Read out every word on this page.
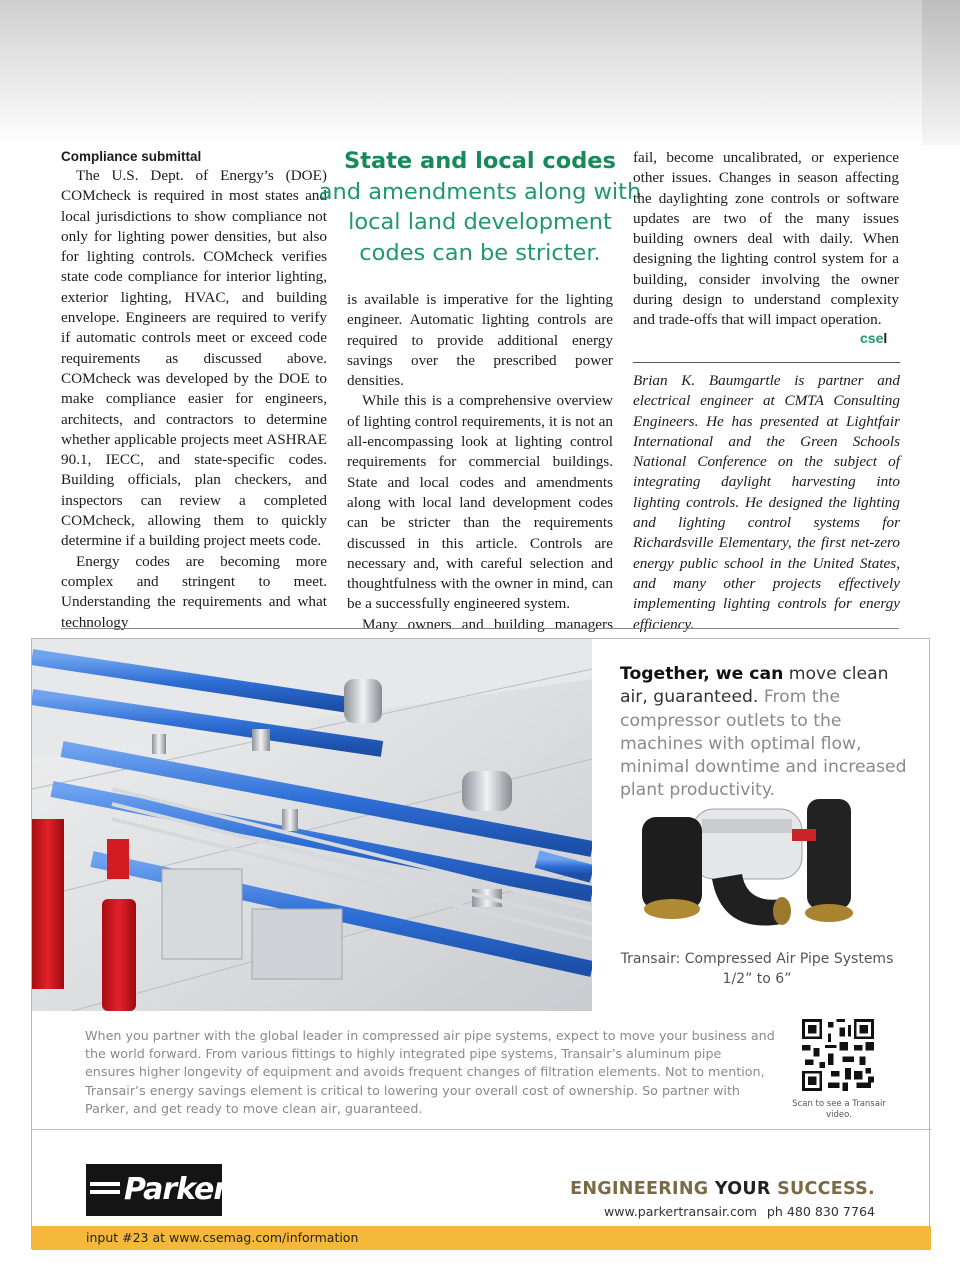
Compliance submittal

The U.S. Dept. of Energy’s (DOE) COMcheck is required in most states and local jurisdictions to show compliance not only for lighting power densities, but also for lighting controls. COMcheck verifies state code compliance for interior lighting, exterior lighting, HVAC, and building envelope. Engineers are required to verify if automatic controls meet or exceed code requirements as discussed above. COMcheck was developed by the DOE to make compliance easier for engineers, architects, and contractors to determine whether applicable projects meet ASHRAE 90.1, IECC, and state-specific codes. Building officials, plan checkers, and inspectors can review a completed COMcheck, allowing them to quickly determine if a building project meets code.

Energy codes are becoming more complex and stringent to meet. Understanding the requirements and what technology

State and local codes
and amendments along with local land development codes can be stricter.

is available is imperative for the lighting engineer. Automatic lighting controls are required to provide additional energy savings over the prescribed power densities.

While this is a comprehensive overview of lighting control requirements, it is not an all-encompassing look at lighting control requirements for commercial buildings. State and local codes and amendments along with local land development codes can be stricter than the requirements discussed in this article. Controls are necessary and, with careful selection and thoughtfulness with the owner in mind, can be a successfully engineered system.

Many owners and building managers

fail, become uncalibrated, or experience other issues. Changes in season affecting the daylighting zone controls or software updates are two of the many issues building owners deal with daily. When designing the lighting control system for a building, consider involving the owner during design to understand complexity and trade-offs that will impact operation.

csel
Brian K. Baumgartle is partner and electrical engineer at CMTA Consulting Engineers. He has presented at Lightfair International and the Green Schools National Conference on the subject of integrating daylight harvesting into lighting controls. He designed the lighting and lighting control systems for Richardsville Elementary, the first net-zero energy public school in the United States, and many other projects effectively implementing lighting controls for energy efficiency.
Together, we can move clean air, guaranteed. From the compressor outlets to the machines with optimal flow, minimal downtime and increased plant productivity.
Transair: Compressed Air Pipe Systems 1/2” to 6”
When you partner with the global leader in compressed air pipe systems, expect to move your business and the world forward. From various fittings to highly integrated pipe systems, Transair’s aluminum pipe ensures higher longevity of equipment and avoids frequent changes of filtration elements. Not to mention, Transair’s energy savings element is critical to lowering your overall cost of ownership. So partner with Parker, and get ready to move clean air, guaranteed.	Scan to see a Transair video.
Parker	ENGINEERING YOUR SUCCESS.
www.parkertransair.com ph 480 830 7764
input #23 at www.csemag.com/information
